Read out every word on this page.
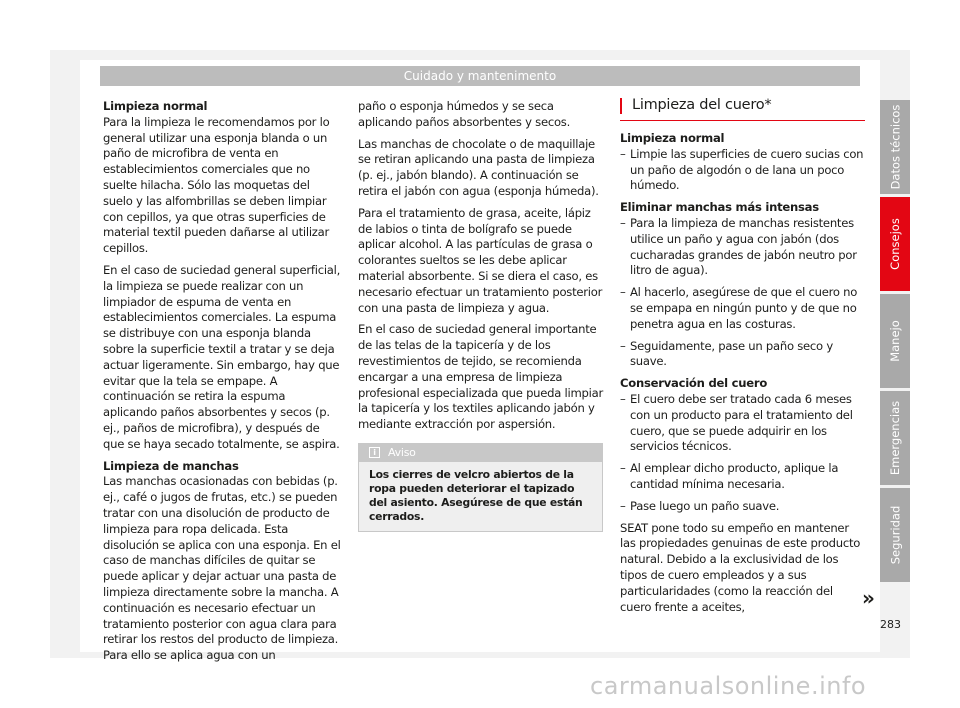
Cuidado y mantenimento
Limpieza normal

Para la limpieza le recomendamos por lo general utilizar una esponja blanda o un paño de microfibra de venta en establecimientos comerciales que no suelte hilacha. Sólo las moquetas del suelo y las alfombrillas se deben limpiar con cepillos, ya que otras superficies de material textil pueden dañarse al utilizar cepillos.

En el caso de suciedad general superficial, la limpieza se puede realizar con un limpiador de espuma de venta en establecimientos comerciales. La espuma se distribuye con una esponja blanda sobre la superficie textil a tratar y se deja actuar ligeramente. Sin embargo, hay que evitar que la tela se empape. A continuación se retira la espuma aplicando paños absorbentes y secos (p. ej., paños de microfibra), y después de que se haya secado totalmente, se aspira.

Limpieza de manchas

Las manchas ocasionadas con bebidas (p. ej., café o jugos de frutas, etc.) se pueden tratar con una disolución de producto de limpieza para ropa delicada. Esta disolución se aplica con una esponja. En el caso de manchas difíciles de quitar se puede aplicar y dejar actuar una pasta de limpieza directamente sobre la mancha. A continuación es necesario efectuar un tratamiento posterior con agua clara para retirar los restos del producto de limpieza. Para ello se aplica agua con un

paño o esponja húmedos y se seca aplicando paños absorbentes y secos.

Las manchas de chocolate o de maquillaje se retiran aplicando una pasta de limpieza (p. ej., jabón blando). A continuación se retira el jabón con agua (esponja húmeda).

Para el tratamiento de grasa, aceite, lápiz de labios o tinta de bolígrafo se puede aplicar alcohol. A las partículas de grasa o colorantes sueltos se les debe aplicar material absorbente. Si se diera el caso, es necesario efectuar un tratamiento posterior con una pasta de limpieza y agua.

En el caso de suciedad general importante de las telas de la tapicería y de los revestimientos de tejido, se recomienda encargar a una empresa de limpieza profesional especializada que pueda limpiar la tapicería y los textiles aplicando jabón y mediante extracción por aspersión.

i	Aviso
Los cierres de velcro abiertos de la ropa pueden deteriorar el tapizado del asiento. Asegúrese de que están cerrados.
Limpieza del cuero*
Limpieza normal
– Limpie las superficies de cuero sucias con un paño de algodón o de lana un poco húmedo.
Eliminar manchas más intensas
– Para la limpieza de manchas resistentes utilice un paño y agua con jabón (dos cucharadas grandes de jabón neutro por litro de agua).
– Al hacerlo, asegúrese de que el cuero no se empapa en ningún punto y de que no penetra agua en las costuras.
– Seguidamente, pase un paño seco y suave.
Conservación del cuero
– El cuero debe ser tratado cada 6 meses con un producto para el tratamiento del cuero, que se puede adquirir en los servicios técnicos.
– Al emplear dicho producto, aplique la cantidad mínima necesaria.
– Pase luego un paño suave.

SEAT pone todo su empeño en mantener las propiedades genuinas de este producto natural. Debido a la exclusividad de los tipos de cuero empleados y a sus particularidades (como la reacción del cuero frente a aceites,

Datos técnicos
Consejos
Manejo
Emergencias
Seguridad
»
283
carmanualsonline.info
